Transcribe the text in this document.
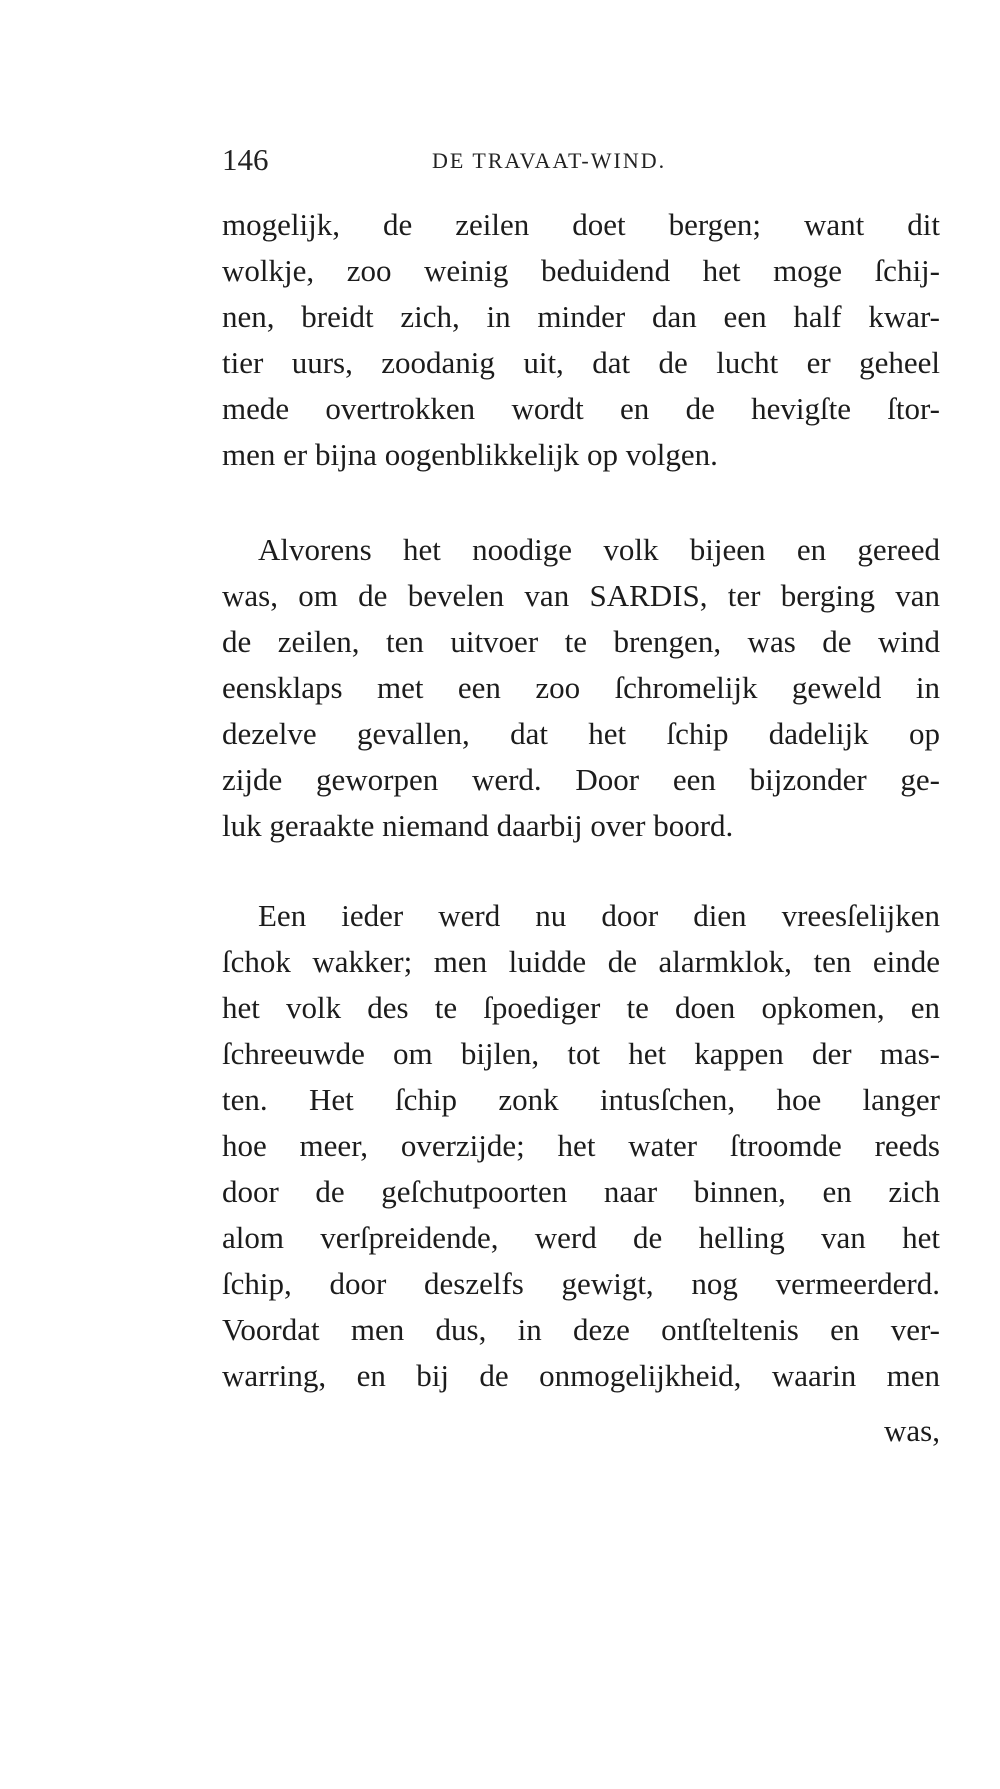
146	DE TRAVAAT-WIND.
mogelijk, de zeilen doet bergen; want dit
wolkje, zoo weinig beduidend het moge ſchij-
nen, breidt zich, in minder dan een half kwar-
tier uurs, zoodanig uit, dat de lucht er geheel
mede overtrokken wordt en de hevigſte ſtor-
men er bijna oogenblikkelijk op volgen.
Alvorens het noodige volk bijeen en gereed
was, om de bevelen van SARDIS, ter berging van
de zeilen, ten uitvoer te brengen, was de wind
eensklaps met een zoo ſchromelijk geweld in
dezelve gevallen, dat het ſchip dadelijk op
zijde geworpen werd. Door een bijzonder ge-
luk geraakte niemand daarbij over boord.
Een ieder werd nu door dien vreesſelijken
ſchok wakker; men luidde de alarmklok, ten einde
het volk des te ſpoediger te doen opkomen, en
ſchreeuwde om bijlen, tot het kappen der mas-
ten. Het ſchip zonk intusſchen, hoe langer
hoe meer, overzijde; het water ſtroomde reeds
door de geſchutpoorten naar binnen, en zich
alom verſpreidende, werd de helling van het
ſchip, door deszelfs gewigt, nog vermeerderd.
Voordat men dus, in deze ontſteltenis en ver-
warring, en bij de onmogelijkheid, waarin men
was,
